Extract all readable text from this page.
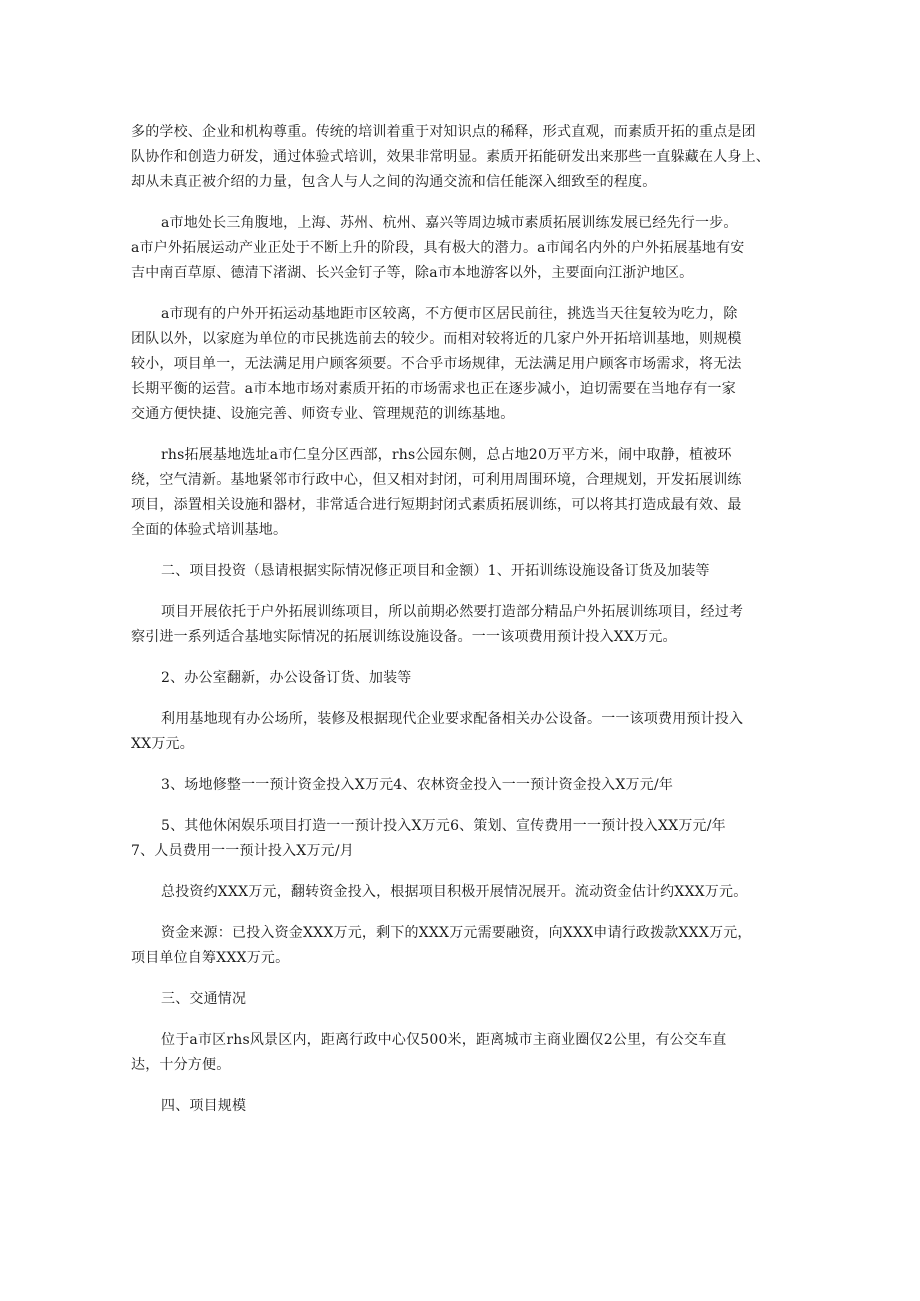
多的学校、企业和机构尊重。传统的培训着重于对知识点的稀释，形式直观，而素质开拓的重点是团
队协作和创造力研发，通过体验式培训，效果非常明显。素质开拓能研发出来那些一直躲藏在人身上、
却从未真正被介绍的力量，包含人与人之间的沟通交流和信任能深入细致至的程度。

a市地处长三角腹地，上海、苏州、杭州、嘉兴等周边城市素质拓展训练发展已经先行一步。
a市户外拓展运动产业正处于不断上升的阶段，具有极大的潜力。a市闻名内外的户外拓展基地有安
吉中南百草原、德清下渚湖、长兴金钉子等，除a市本地游客以外，主要面向江浙沪地区。

a市现有的户外开拓运动基地距市区较离，不方便市区居民前往，挑选当天往复较为吃力，除
团队以外，以家庭为单位的市民挑选前去的较少。而相对较将近的几家户外开拓培训基地，则规模
较小，项目单一，无法满足用户顾客须要。不合乎市场规律，无法满足用户顾客市场需求，将无法
长期平衡的运营。a市本地市场对素质开拓的市场需求也正在逐步减小，迫切需要在当地存有一家
交通方便快捷、设施完善、师资专业、管理规范的训练基地。

rhs拓展基地选址a市仁皇分区西部，rhs公园东侧，总占地20万平方米，闹中取静，植被环
绕，空气清新。基地紧邻市行政中心，但又相对封闭，可利用周围环境，合理规划，开发拓展训练
项目，添置相关设施和器材，非常适合进行短期封闭式素质拓展训练，可以将其打造成最有效、最
全面的体验式培训基地。

二、项目投资（恳请根据实际情况修正项目和金额）1、开拓训练设施设备订货及加装等

项目开展依托于户外拓展训练项目，所以前期必然要打造部分精品户外拓展训练项目，经过考
察引进一系列适合基地实际情况的拓展训练设施设备。一一该项费用预计投入XX万元。

2、办公室翻新，办公设备订货、加装等

利用基地现有办公场所，装修及根据现代企业要求配备相关办公设备。一一该项费用预计投入
XX万元。

3、场地修整一一预计资金投入X万元4、农林资金投入一一预计资金投入X万元/年

5、其他休闲娱乐项目打造一一预计投入X万元6、策划、宣传费用一一预计投入XX万元/年
7、人员费用一一预计投入X万元/月

总投资约XXX万元，翻转资金投入，根据项目积极开展情况展开。流动资金估计约XXX万元。

资金来源：已投入资金XXX万元，剩下的XXX万元需要融资，向XXX申请行政拨款XXX万元，
项目单位自筹XXX万元。

三、交通情况

位于a市区rhs风景区内，距离行政中心仅500米，距离城市主商业圈仅2公里，有公交车直
达，十分方便。

四、项目规模
